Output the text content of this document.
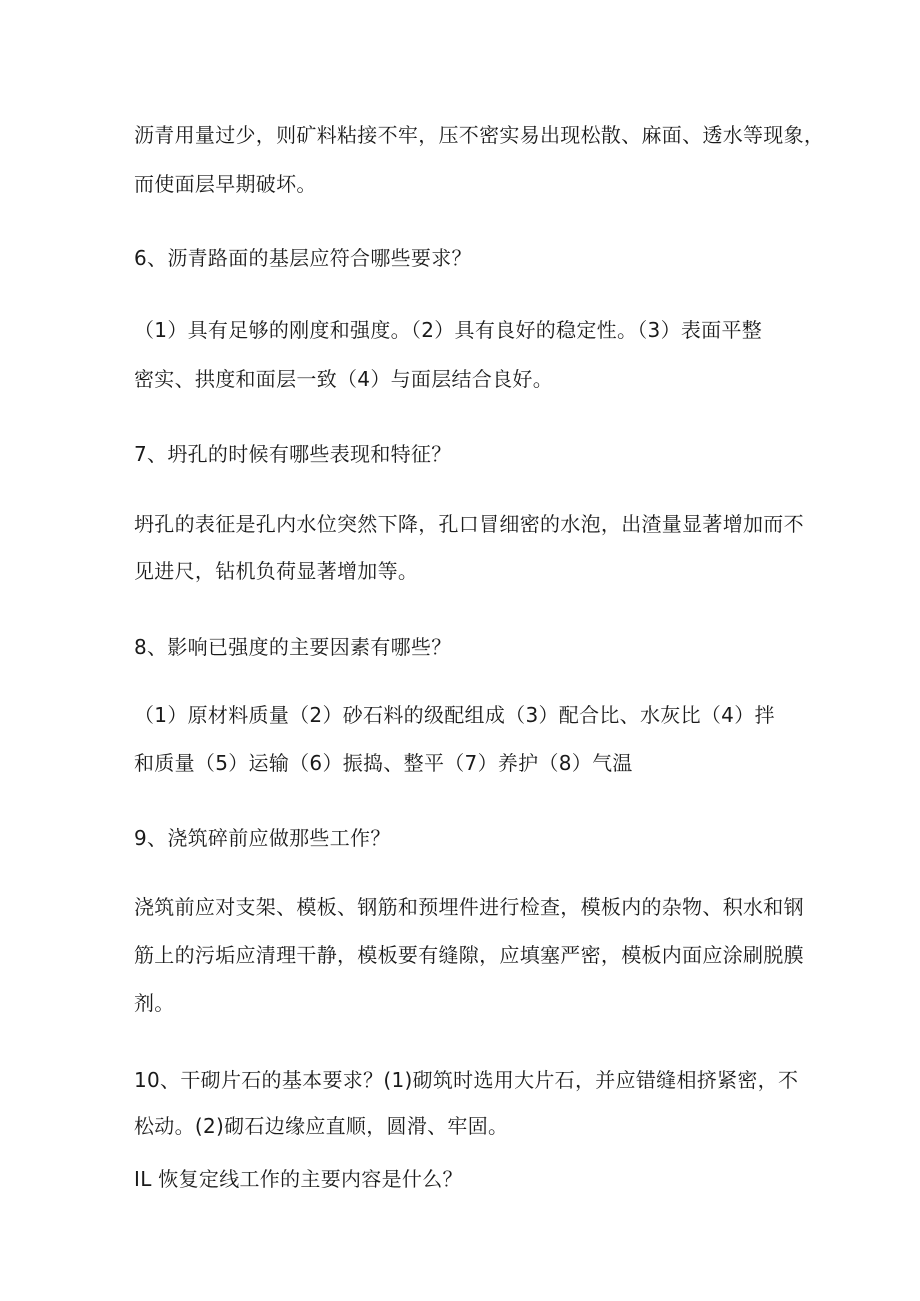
沥青用量过少，则矿料粘接不牢，压不密实易出现松散、麻面、透水等现象，
而使面层早期破坏。
6、沥青路面的基层应符合哪些要求？
（1）具有足够的刚度和强度。（2）具有良好的稳定性。（3）表面平整
密实、拱度和面层一致（4）与面层结合良好。
7、坍孔的时候有哪些表现和特征？
坍孔的表征是孔内水位突然下降，孔口冒细密的水泡，出渣量显著增加而不
见进尺，钻机负荷显著增加等。
8、影响已强度的主要因素有哪些？
（1）原材料质量（2）砂石料的级配组成（3）配合比、水灰比（4）拌
和质量（5）运输（6）振捣、整平（7）养护（8）气温
9、浇筑碎前应做那些工作？
浇筑前应对支架、模板、钢筋和预埋件进行检查，模板内的杂物、积水和钢
筋上的污垢应清理干静，模板要有缝隙，应填塞严密，模板内面应涂刷脱膜
剂。
10、干砌片石的基本要求？(1)砌筑时选用大片石，并应错缝相挤紧密，不
松动。(2)砌石边缘应直顺，圆滑、牢固。
IL 恢复定线工作的主要内容是什么？
